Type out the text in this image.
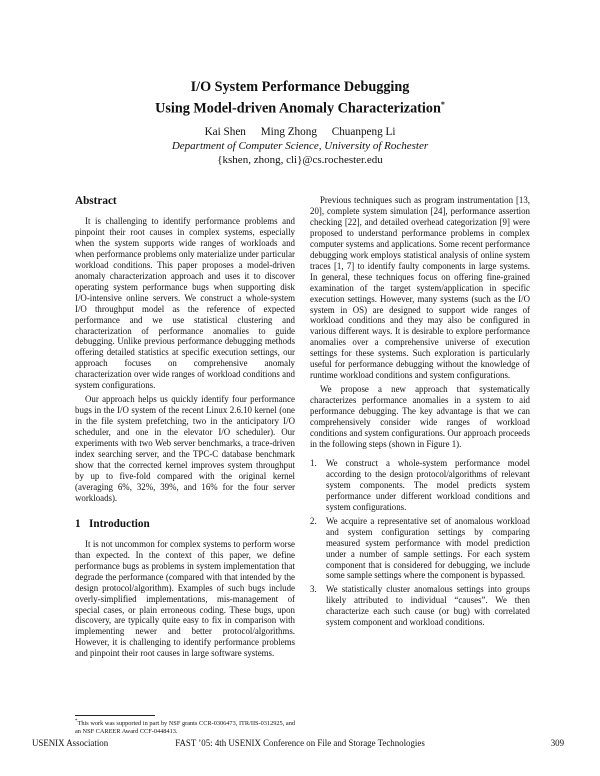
I/O System Performance Debugging
Using Model-driven Anomaly Characterization*
Kai Shen Ming Zhong Chuanpeng Li
Department of Computer Science, University of Rochester
{kshen, zhong, cli}@cs.rochester.edu
Abstract

It is challenging to identify performance problems and pinpoint their root causes in complex systems, especially when the system supports wide ranges of workloads and when performance problems only materialize under particular workload conditions. This paper proposes a model-driven anomaly characterization approach and uses it to discover operating system performance bugs when supporting disk I/O-intensive online servers. We construct a whole-system I/O throughput model as the reference of expected performance and we use statistical clustering and characterization of performance anomalies to guide debugging. Unlike previous performance debugging methods offering detailed statistics at specific execution settings, our approach focuses on comprehensive anomaly characterization over wide ranges of workload conditions and system configurations.

Our approach helps us quickly identify four performance bugs in the I/O system of the recent Linux 2.6.10 kernel (one in the file system prefetching, two in the anticipatory I/O scheduler, and one in the elevator I/O scheduler). Our experiments with two Web server benchmarks, a trace-driven index searching server, and the TPC-C database benchmark show that the corrected kernel improves system throughput by up to five-fold compared with the original kernel (averaging 6%, 32%, 39%, and 16% for the four server workloads).

1 Introduction

It is not uncommon for complex systems to perform worse than expected. In the context of this paper, we define performance bugs as problems in system implementation that degrade the performance (compared with that intended by the design protocol/algorithm). Examples of such bugs include overly-simplified implementations, mis-management of special cases, or plain erroneous coding. These bugs, upon discovery, are typically quite easy to fix in comparison with implementing newer and better protocol/algorithms. However, it is challenging to identify performance problems and pinpoint their root causes in large software systems.

Previous techniques such as program instrumentation [13, 20], complete system simulation [24], performance assertion checking [22], and detailed overhead categorization [9] were proposed to understand performance problems in complex computer systems and applications. Some recent performance debugging work employs statistical analysis of online system traces [1, 7] to identify faulty components in large systems. In general, these techniques focus on offering fine-grained examination of the target system/application in specific execution settings. However, many systems (such as the I/O system in OS) are designed to support wide ranges of workload conditions and they may also be configured in various different ways. It is desirable to explore performance anomalies over a comprehensive universe of execution settings for these systems. Such exploration is particularly useful for performance debugging without the knowledge of runtime workload conditions and system configurations.

We propose a new approach that systematically characterizes performance anomalies in a system to aid performance debugging. The key advantage is that we can comprehensively consider wide ranges of workload conditions and system configurations. Our approach proceeds in the following steps (shown in Figure 1).

1. We construct a whole-system performance model according to the design protocol/algorithms of relevant system components. The model predicts system performance under different workload conditions and system configurations.
2. We acquire a representative set of anomalous workload and system configuration settings by comparing measured system performance with model prediction under a number of sample settings. For each system component that is considered for debugging, we include some sample settings where the component is bypassed.
3. We statistically cluster anomalous settings into groups likely attributed to individual “causes”. We then characterize each such cause (or bug) with correlated system component and workload conditions.
*This work was supported in part by NSF grants CCR-0306473, ITR/IIS-0312925, and an NSF CAREER Award CCF-0448413.
USENIX Association	FAST ’05: 4th USENIX Conference on File and Storage Technologies	309
